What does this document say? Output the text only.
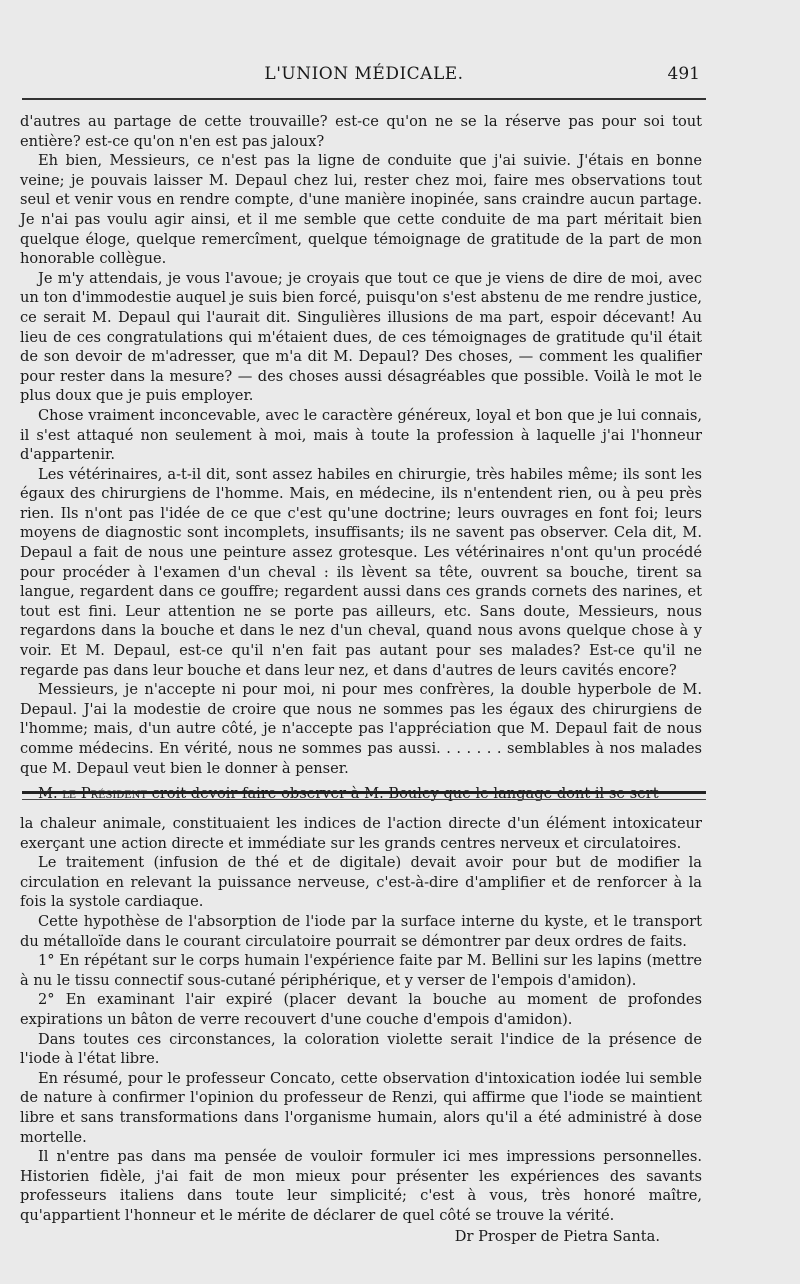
L'UNION MÉDICALE.	491

d'autres au partage de cette trouvaille? est-ce qu'on ne se la réserve pas pour soi tout entière? est-ce qu'on n'en est pas jaloux?

Eh bien, Messieurs, ce n'est pas la ligne de conduite que j'ai suivie. J'étais en bonne veine; je pouvais laisser M. Depaul chez lui, rester chez moi, faire mes observations tout seul et venir vous en rendre compte, d'une manière inopinée, sans craindre aucun partage. Je n'ai pas voulu agir ainsi, et il me semble que cette conduite de ma part méritait bien quelque éloge, quelque remercîment, quelque témoignage de gratitude de la part de mon honorable collègue.

Je m'y attendais, je vous l'avoue; je croyais que tout ce que je viens de dire de moi, avec un ton d'immodestie auquel je suis bien forcé, puisqu'on s'est abstenu de me rendre justice, ce serait M. Depaul qui l'aurait dit. Singulières illusions de ma part, espoir décevant! Au lieu de ces congratulations qui m'étaient dues, de ces témoignages de gratitude qu'il était de son devoir de m'adresser, que m'a dit M. Depaul? Des choses, — comment les qualifier pour rester dans la mesure? — des choses aussi désagréables que possible. Voilà le mot le plus doux que je puis employer.

Chose vraiment inconcevable, avec le caractère généreux, loyal et bon que je lui connais, il s'est attaqué non seulement à moi, mais à toute la profession à laquelle j'ai l'honneur d'appartenir.

Les vétérinaires, a-t-il dit, sont assez habiles en chirurgie, très habiles même; ils sont les égaux des chirurgiens de l'homme. Mais, en médecine, ils n'entendent rien, ou à peu près rien. Ils n'ont pas l'idée de ce que c'est qu'une doctrine; leurs ouvrages en font foi; leurs moyens de diagnostic sont incomplets, insuffisants; ils ne savent pas observer. Cela dit, M. Depaul a fait de nous une peinture assez grotesque. Les vétérinaires n'ont qu'un procédé pour procéder à l'examen d'un cheval : ils lèvent sa tête, ouvrent sa bouche, tirent sa langue, regardent dans ce gouffre; regardent aussi dans ces grands cornets des narines, et tout est fini. Leur attention ne se porte pas ailleurs, etc. Sans doute, Messieurs, nous regardons dans la bouche et dans le nez d'un cheval, quand nous avons quelque chose à y voir. Et M. Depaul, est-ce qu'il n'en fait pas autant pour ses malades? Est-ce qu'il ne regarde pas dans leur bouche et dans leur nez, et dans d'autres de leurs cavités encore?

Messieurs, je n'accepte ni pour moi, ni pour mes confrères, la double hyperbole de M. Depaul. J'ai la modestie de croire que nous ne sommes pas les égaux des chirurgiens de l'homme; mais, d'un autre côté, je n'accepte pas l'appréciation que M. Depaul fait de nous comme médecins. En vérité, nous ne sommes pas aussi. . . . . . . semblables à nos malades que M. Depaul veut bien le donner à penser.

M. le Président croit devoir faire observer à M. Bouley que le langage dont il se sert

la chaleur animale, constituaient les indices de l'action directe d'un élément intoxicateur exerçant une action directe et immédiate sur les grands centres nerveux et circulatoires.

Le traitement (infusion de thé et de digitale) devait avoir pour but de modifier la circulation en relevant la puissance nerveuse, c'est-à-dire d'amplifier et de renforcer à la fois la systole cardiaque.

Cette hypothèse de l'absorption de l'iode par la surface interne du kyste, et le transport du métalloïde dans le courant circulatoire pourrait se démontrer par deux ordres de faits.

1° En répétant sur le corps humain l'expérience faite par M. Bellini sur les lapins (mettre à nu le tissu connectif sous-cutané périphérique, et y verser de l'empois d'amidon).

2° En examinant l'air expiré (placer devant la bouche au moment de profondes expirations un bâton de verre recouvert d'une couche d'empois d'amidon).

Dans toutes ces circonstances, la coloration violette serait l'indice de la présence de l'iode à l'état libre.

En résumé, pour le professeur Concato, cette observation d'intoxication iodée lui semble de nature à confirmer l'opinion du professeur de Renzi, qui affirme que l'iode se maintient libre et sans transformations dans l'organisme humain, alors qu'il a été administré à dose mortelle.

Il n'entre pas dans ma pensée de vouloir formuler ici mes impressions personnelles. Historien fidèle, j'ai fait de mon mieux pour présenter les expériences des savants professeurs italiens dans toute leur simplicité; c'est à vous, très honoré maître, qu'appartient l'honneur et le mérite de déclarer de quel côté se trouve la vérité.

Dr Prosper de Pietra Santa.
